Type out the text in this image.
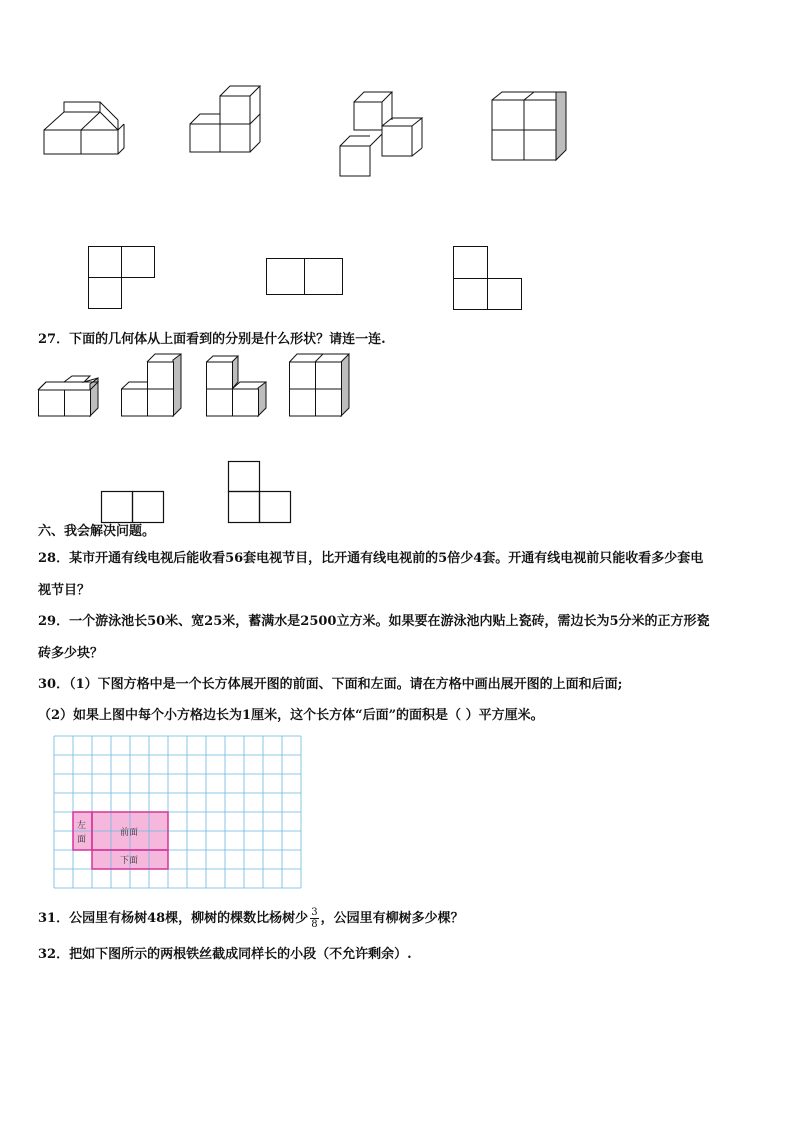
27．下面的几何体从上面看到的分别是什么形状？请连一连.
六、我会解决问题。
28．某市开通有线电视后能收看56套电视节目，比开通有线电视前的5倍少4套。开通有线电视前只能收看多少套电
视节目？
29．一个游泳池长50米、宽25米，蓄满水是2500立方米。如果要在游泳池内贴上瓷砖，需边长为5分米的正方形瓷
砖多少块？
30．（1）下图方格中是一个长方体展开图的前面、下面和左面。请在方格中画出展开图的上面和后面;
（2）如果上图中每个小方格边长为1厘米，这个长方体“后面”的面积是（ ）平方厘米。
左
面
前面
下面
31．公园里有杨树48棵，柳树的棵数比杨树少 $\frac{3}{8}$ ，公园里有柳树多少棵？
32．把如下图所示的两根铁丝截成同样长的小段（不允许剩余）.
